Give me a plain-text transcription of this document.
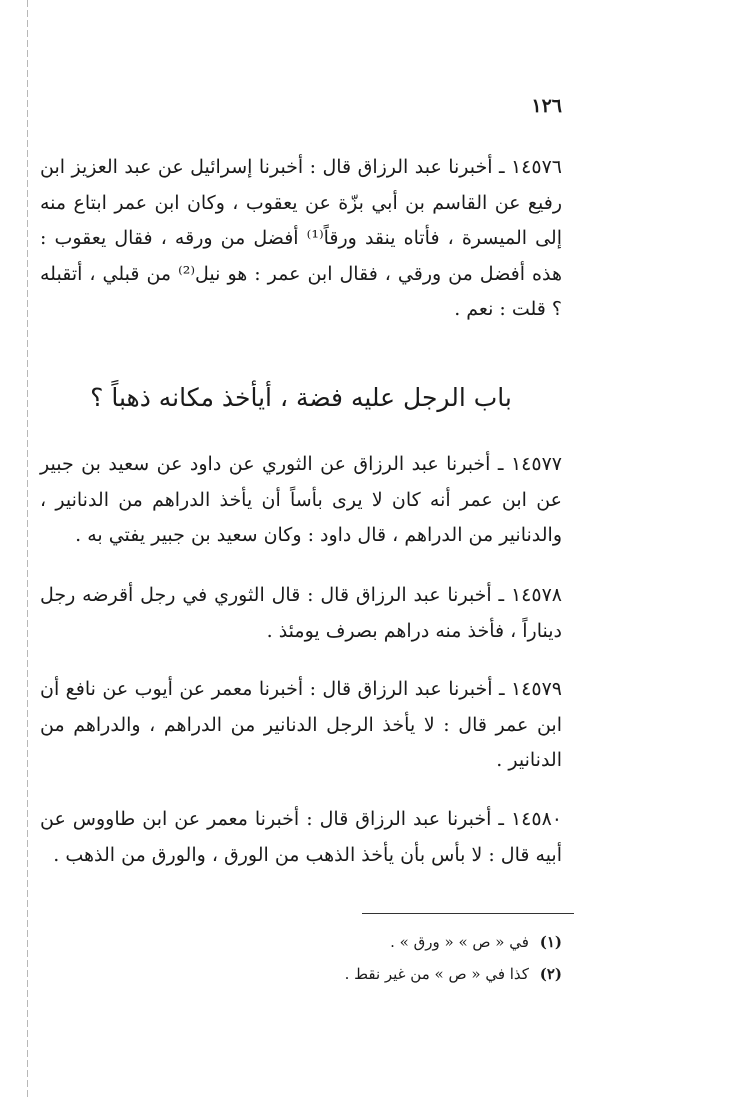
١٢٦
١٤٥٧٦ ـ أخبرنا عبد الرزاق قال : أخبرنا إسرائيل عن عبد العزيز ابن رفيع عن القاسم بن أبي بزّة عن يعقوب ، وكان ابن عمر ابتاع منه إلى الميسرة ، فأتاه ينقد ورقاً⁽¹⁾ أفضل من ورقه ، فقال يعقوب : هذه أفضل من ورقي ، فقال ابن عمر : هو نيل⁽²⁾ من قبلي ، أتقبله ؟ قلت : نعم .
باب الرجل عليه فضة ، أيأخذ مكانه ذهباً ؟
١٤٥٧٧ ـ أخبرنا عبد الرزاق عن الثوري عن داود عن سعيد بن جبير عن ابن عمر أنه كان لا يرى بأساً أن يأخذ الدراهم من الدنانير ، والدنانير من الدراهم ، قال داود : وكان سعيد بن جبير يفتي به .
١٤٥٧٨ ـ أخبرنا عبد الرزاق قال : قال الثوري في رجل أقرضه رجل ديناراً ، فأخذ منه دراهم بصرف يومئذ .
١٤٥٧٩ ـ أخبرنا عبد الرزاق قال : أخبرنا معمر عن أيوب عن نافع أن ابن عمر قال : لا يأخذ الرجل الدنانير من الدراهم ، والدراهم من الدنانير .
١٤٥٨٠ ـ أخبرنا عبد الرزاق قال : أخبرنا معمر عن ابن طاووس عن أبيه قال : لا بأس بأن يأخذ الذهب من الورق ، والورق من الذهب .
(١) في « ص » « ورق » .
(٢) كذا في « ص » من غير نقط .
